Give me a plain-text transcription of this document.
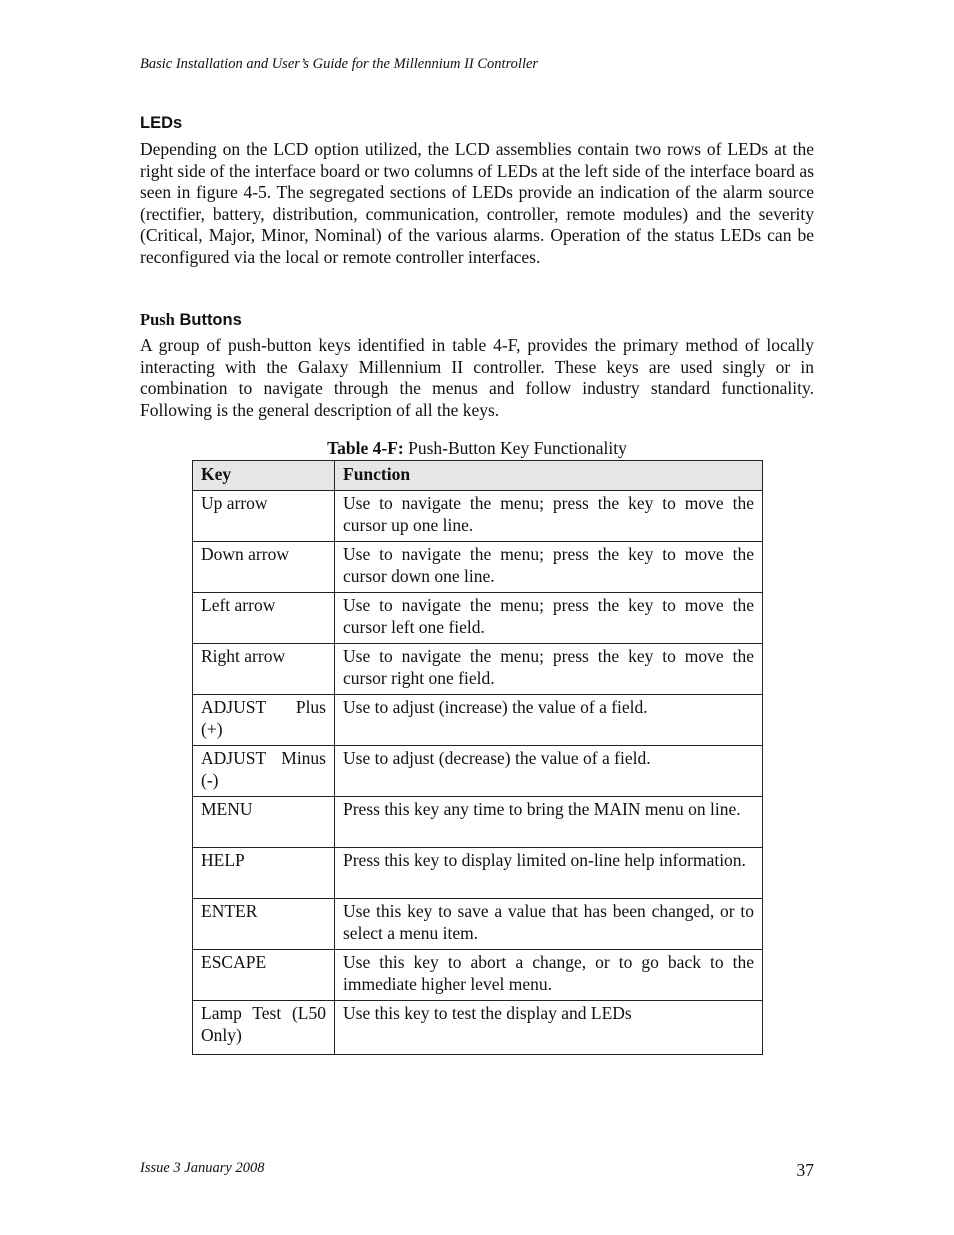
Basic Installation and User’s Guide for the Millennium II Controller
LEDs

Depending on the LCD option utilized, the LCD assemblies contain two rows of LEDs at the right side of the interface board or two columns of LEDs at the left side of the interface board as seen in figure 4-5. The segregated sections of LEDs provide an indication of the alarm source (rectifier, battery, distribution, communication, controller, remote modules) and the severity (Critical, Major, Minor, Nominal) of the various alarms. Operation of the status LEDs can be reconfigured via the local or remote controller interfaces.

Push Buttons

A group of push-button keys identified in table 4-F, provides the primary method of locally interacting with the Galaxy Millennium II controller. These keys are used singly or in combination to navigate through the menus and follow industry standard functionality. Following is the general description of all the keys.

Table 4-F: Push-Button Key Functionality
Key	Function
Up arrow	Use to navigate the menu; press the key to move the cursor up one line.
Down arrow	Use to navigate the menu; press the key to move the cursor down one line.
Left arrow	Use to navigate the menu; press the key to move the cursor left one field.
Right arrow	Use to navigate the menu; press the key to move the cursor right one field.
ADJUST Plus (+)	Use to adjust (increase) the value of a field.
ADJUST Minus (-)	Use to adjust (decrease) the value of a field.
MENU	Press this key any time to bring the MAIN menu on line.
HELP	Press this key to display limited on-line help information.
ENTER	Use this key to save a value that has been changed, or to select a menu item.
ESCAPE	Use this key to abort a change, or to go back to the immediate higher level menu.
Lamp Test (L50 Only)	Use this key to test the display and LEDs
Issue 3 January 2008	37
